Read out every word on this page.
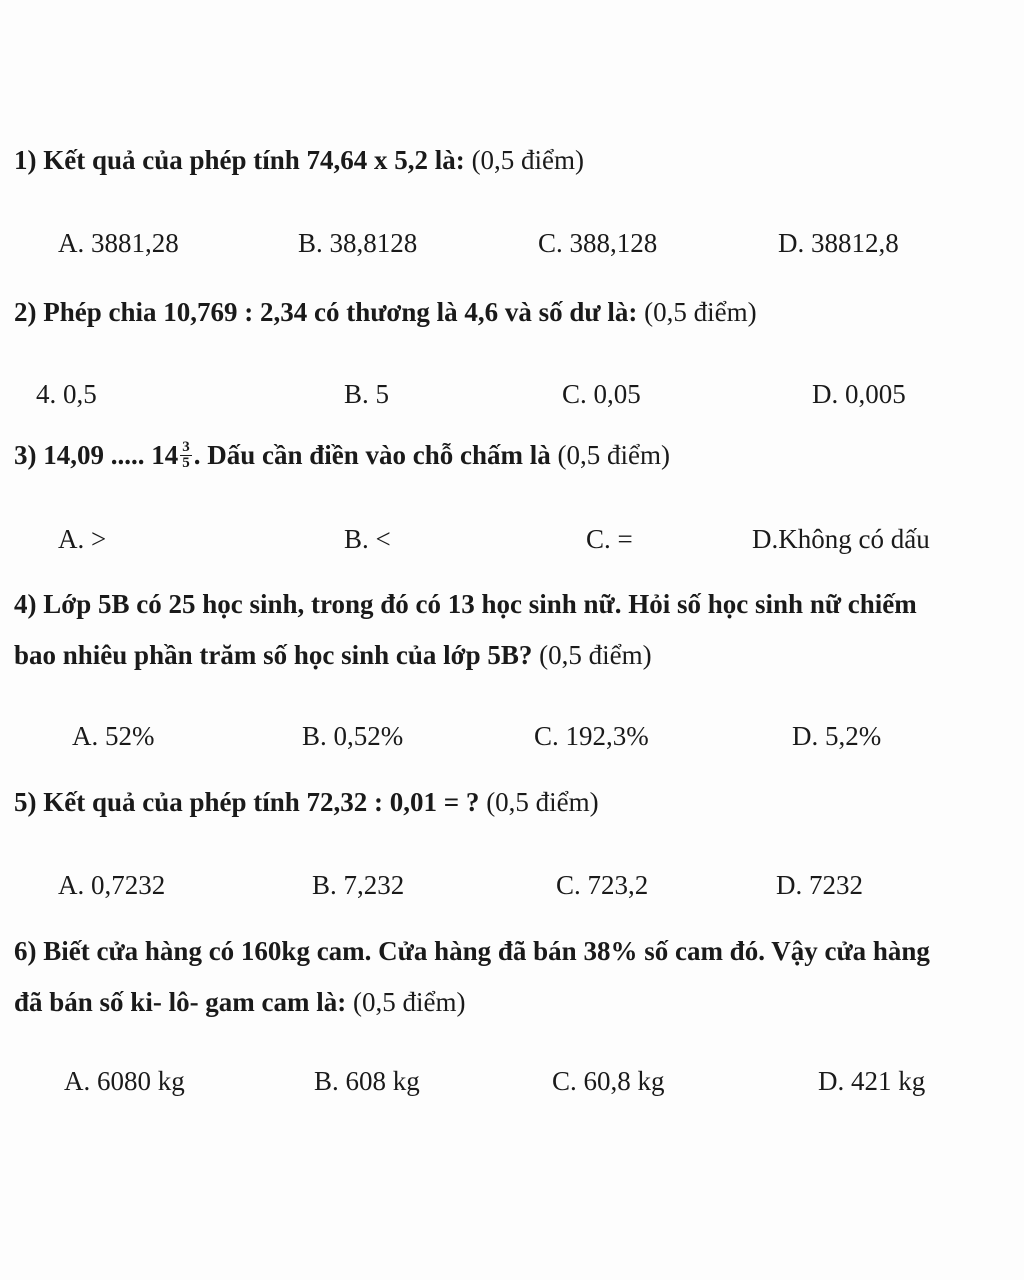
1) Kết quả của phép tính 74,64 x 5,2 là: (0,5 điểm)
A. 3881,28	B. 38,8128	C. 388,128	D. 38812,8
2) Phép chia 10,769 : 2,34 có thương là 4,6 và số dư là: (0,5 điểm)
4. 0,5	B. 5	C. 0,05	D. 0,005
3) 14,09 ..... $14 \frac{3}{5}$ . Dấu cần điền vào chỗ chấm là (0,5 điểm)
A. >	B. <	C. =	D.Không có dấu
4) Lớp 5B có 25 học sinh, trong đó có 13 học sinh nữ. Hỏi số học sinh nữ chiếm
bao nhiêu phần trăm số học sinh của lớp 5B? (0,5 điểm)
A. 52%	B. 0,52%	C. 192,3%	D. 5,2%
5) Kết quả của phép tính 72,32 : 0,01 = ? (0,5 điểm)
A. 0,7232	B. 7,232	C. 723,2	D. 7232
6) Biết cửa hàng có 160kg cam. Cửa hàng đã bán 38% số cam đó. Vậy cửa hàng
đã bán số ki- lô- gam cam là: (0,5 điểm)
A. 6080 kg	B. 608 kg	C. 60,8 kg	D. 421 kg
